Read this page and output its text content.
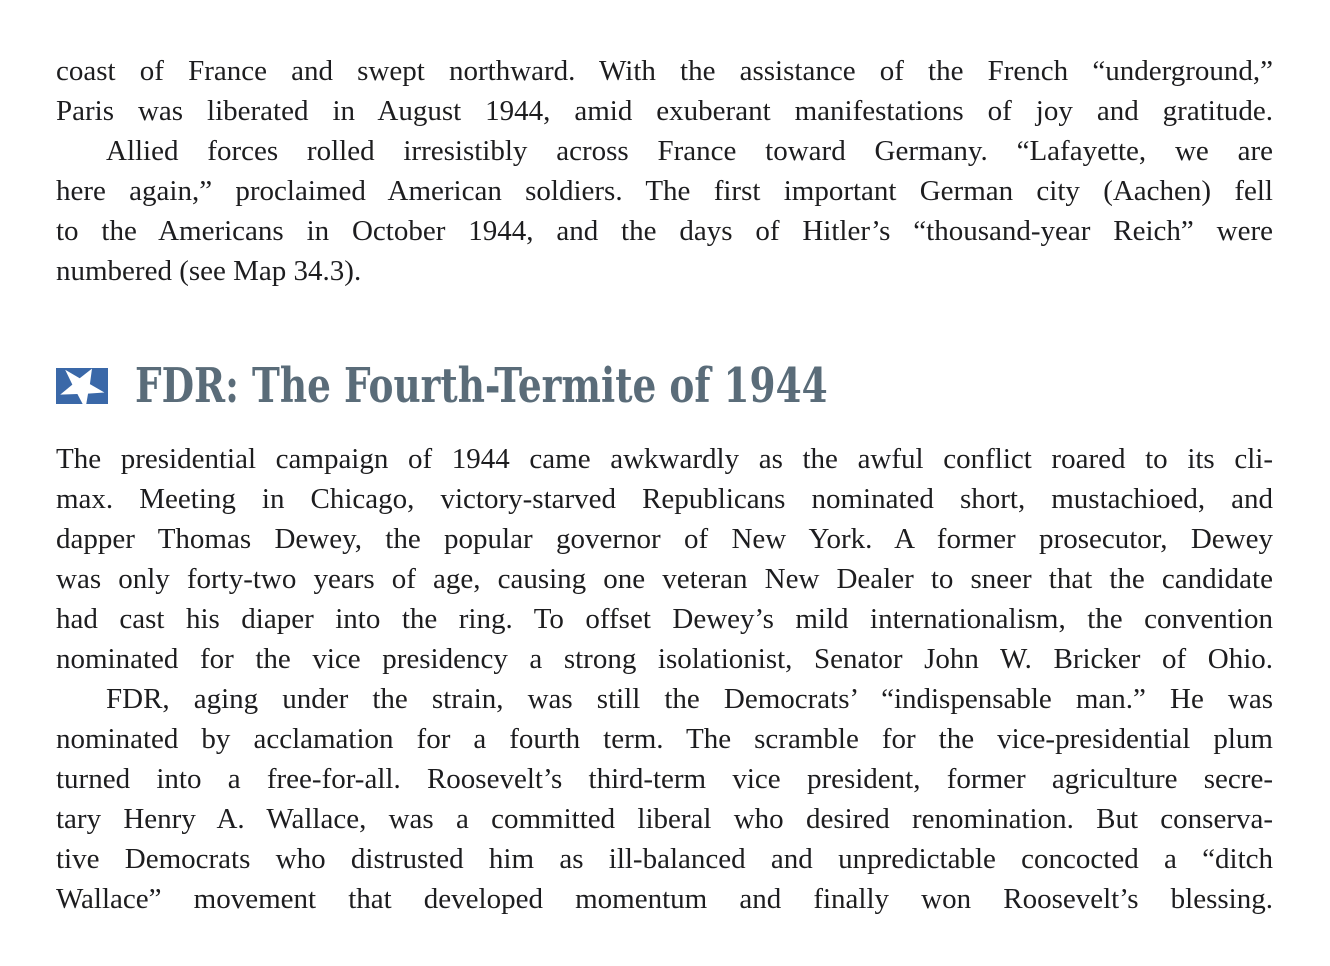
coast of France and swept northward. With the assistance of the French “underground,”
Paris was liberated in August 1944, amid exuberant manifestations of joy and gratitude.
Allied forces rolled irresistibly across France toward Germany. “Lafayette, we are
here again,” proclaimed American soldiers. The first important German city (Aachen) fell
to the Americans in October 1944, and the days of Hitler’s “thousand-year Reich” were
numbered (see Map 34.3).
FDR: The Fourth-Termite of 1944
The presidential campaign of 1944 came awkwardly as the awful conflict roared to its cli-
max. Meeting in Chicago, victory-starved Republicans nominated short, mustachioed, and
dapper Thomas Dewey, the popular governor of New York. A former prosecutor, Dewey
was only forty-two years of age, causing one veteran New Dealer to sneer that the candidate
had cast his diaper into the ring. To offset Dewey’s mild internationalism, the convention
nominated for the vice presidency a strong isolationist, Senator John W. Bricker of Ohio.
FDR, aging under the strain, was still the Democrats’ “indispensable man.” He was
nominated by acclamation for a fourth term. The scramble for the vice-presidential plum
turned into a free-for-all. Roosevelt’s third-term vice president, former agriculture secre-
tary Henry A. Wallace, was a committed liberal who desired renomination. But conserva-
tive Democrats who distrusted him as ill-balanced and unpredictable concocted a “ditch
Wallace” movement that developed momentum and finally won Roosevelt’s blessing.
